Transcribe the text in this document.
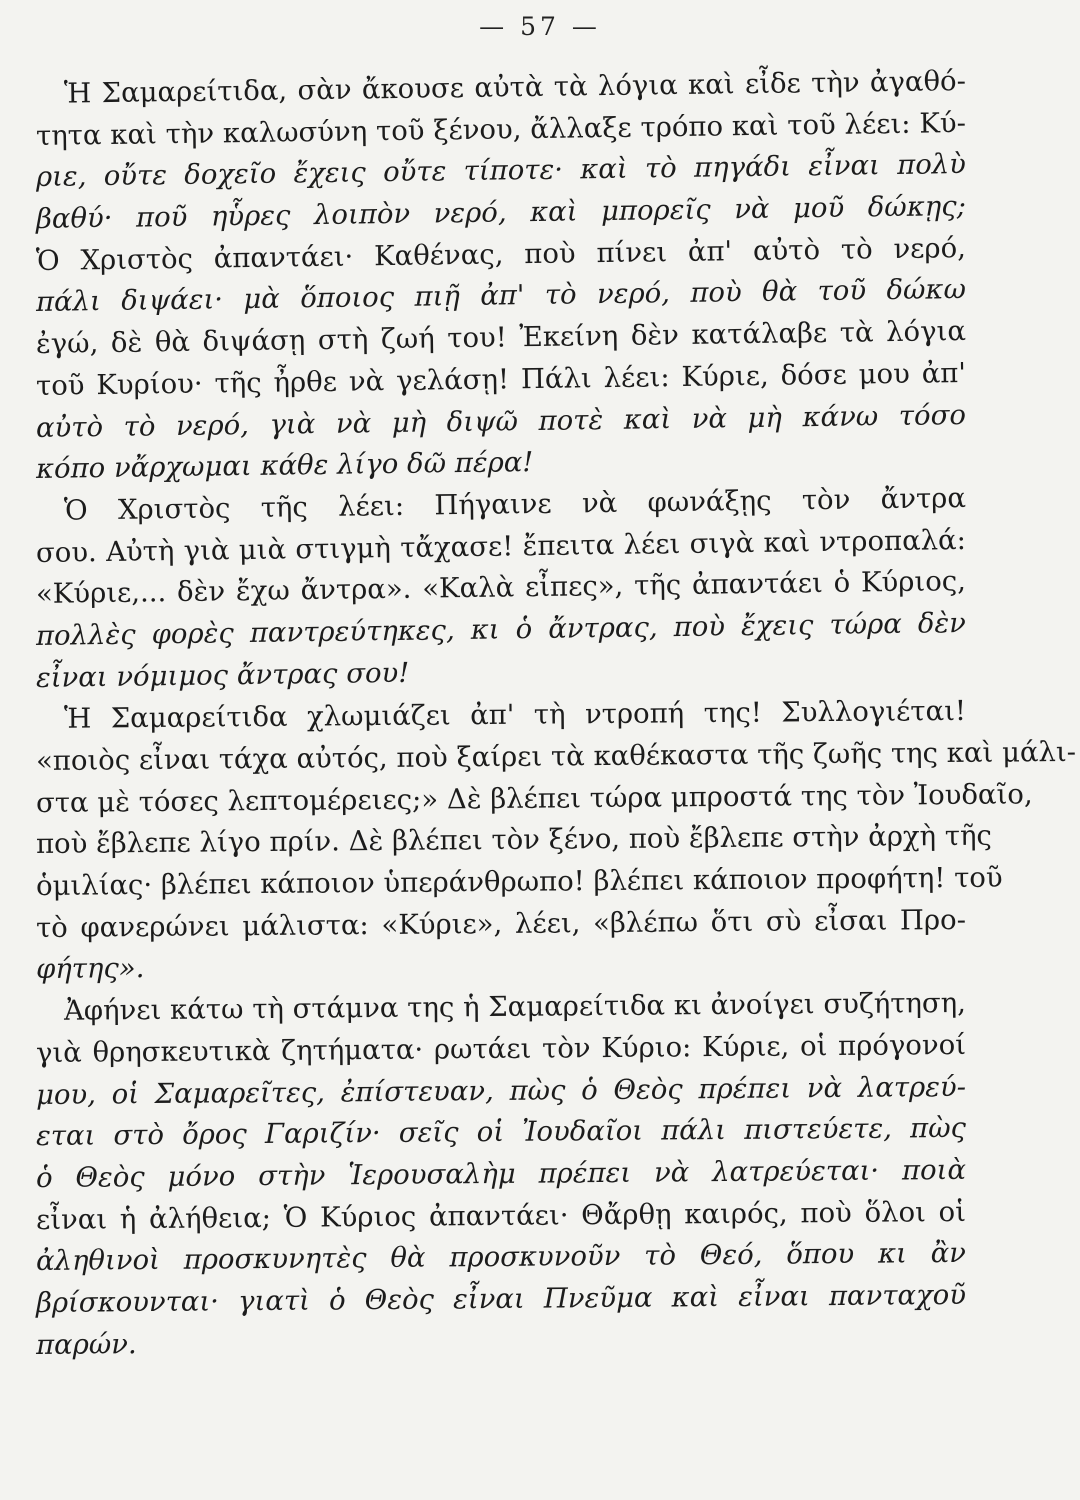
— 57 —
Ἡ Σαμαρείτιδα, σὰν ἄκουσε αὐτὰ τὰ λόγια καὶ εἶδε τὴν ἀγαθό-
τητα καὶ τὴν καλωσύνη τοῦ ξένου, ἄλλαξε τρόπο καὶ τοῦ λέει: Κύ-
ριε, οὔτε δοχεῖο ἔχεις οὔτε τίποτε· καὶ τὸ πηγάδι εἶναι πολὺ
βαθύ· ποῦ ηὗρες λοιπὸν νερό, καὶ μπορεῖς νὰ μοῦ δώκῃς;
Ὁ Χριστὸς ἀπαντάει· Καθένας, ποὺ πίνει ἀπ' αὐτὸ τὸ νερό,
πάλι διψάει· μὰ ὅποιος πιῇ ἀπ' τὸ νερό, ποὺ θὰ τοῦ δώκω
ἐγώ, δὲ θὰ διψάσῃ στὴ ζωή του! Ἐκείνη δὲν κατάλαβε τὰ λόγια
τοῦ Κυρίου· τῆς ἦρθε νὰ γελάσῃ! Πάλι λέει: Κύριε, δόσε μου ἀπ'
αὐτὸ τὸ νερό, γιὰ νὰ μὴ διψῶ ποτὲ καὶ νὰ μὴ κάνω τόσο
κόπο νἄρχωμαι κάθε λίγο δῶ πέρα!
Ὁ Χριστὸς τῆς λέει: Πήγαινε νὰ φωνάξῃς τὸν ἄντρα
σου. Αὐτὴ γιὰ μιὰ στιγμὴ τἄχασε! ἔπειτα λέει σιγὰ καὶ ντροπαλά:
«Κύριε,... δὲν ἔχω ἄντρα». «Καλὰ εἶπες», τῆς ἀπαντάει ὁ Κύριος,
πολλὲς φορὲς παντρεύτηκες, κι ὁ ἄντρας, ποὺ ἔχεις τώρα δὲν
εἶναι νόμιμος ἄντρας σου!
Ἡ Σαμαρείτιδα χλωμιάζει ἀπ' τὴ ντροπή της! Συλλογιέται!
«ποιὸς εἶναι τάχα αὐτός, ποὺ ξαίρει τὰ καθέκαστα τῆς ζωῆς της καὶ μάλι-
στα μὲ τόσες λεπτομέρειες;» Δὲ βλέπει τώρα μπροστά της τὸν Ἰουδαῖο,
ποὺ ἔβλεπε λίγο πρίν. Δὲ βλέπει τὸν ξένο, ποὺ ἔβλεπε στὴν ἀρχὴ τῆς
ὁμιλίας· βλέπει κάποιον ὑπεράνθρωπο! βλέπει κάποιον προφήτη! τοῦ
τὸ φανερώνει μάλιστα: «Κύριε», λέει, «βλέπω ὅτι σὺ εἶσαι Προ-
φήτης».
Ἀφήνει κάτω τὴ στάμνα της ἡ Σαμαρείτιδα κι ἀνοίγει συζήτηση,
γιὰ θρησκευτικὰ ζητήματα· ρωτάει τὸν Κύριο: Κύριε, οἱ πρόγονοί
μου, οἱ Σαμαρεῖτες, ἐπίστευαν, πὼς ὁ Θεὸς πρέπει νὰ λατρεύ-
εται στὸ ὄρος Γαριζίν· σεῖς οἱ Ἰουδαῖοι πάλι πιστεύετε, πὼς
ὁ Θεὸς μόνο στὴν Ἱερουσαλὴμ πρέπει νὰ λατρεύεται· ποιὰ
εἶναι ἡ ἀλήθεια; Ὁ Κύριος ἀπαντάει· Θἄρθῃ καιρός, ποὺ ὅλοι οἱ
ἀληθινοὶ προσκυνητὲς θὰ προσκυνοῦν τὸ Θεό, ὅπου κι ἂν
βρίσκουνται· γιατὶ ὁ Θεὸς εἶναι Πνεῦμα καὶ εἶναι πανταχοῦ
παρών.
